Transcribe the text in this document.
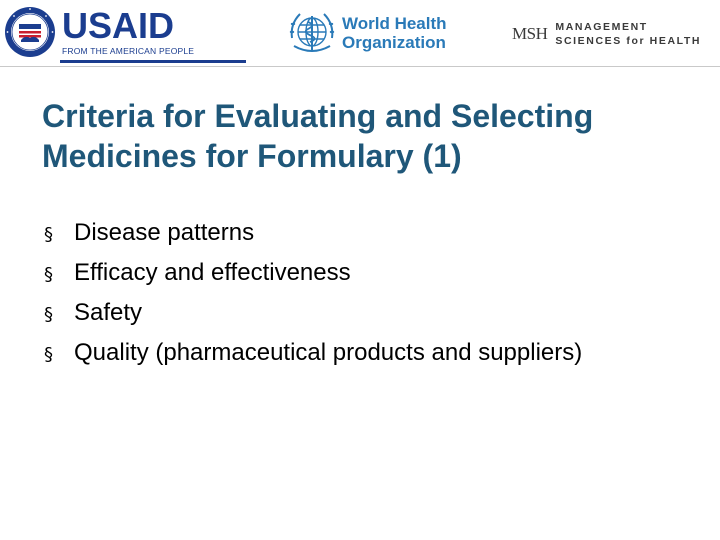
USAID
FROM THE AMERICAN PEOPLE
World Health
Organization	MSH MANAGEMENT
SCIENCES for HEALTH
Criteria for Evaluating and Selecting
Medicines for Formulary (1)
§ Disease patterns
§ Efficacy and effectiveness
§ Safety
§ Quality (pharmaceutical products and suppliers)
